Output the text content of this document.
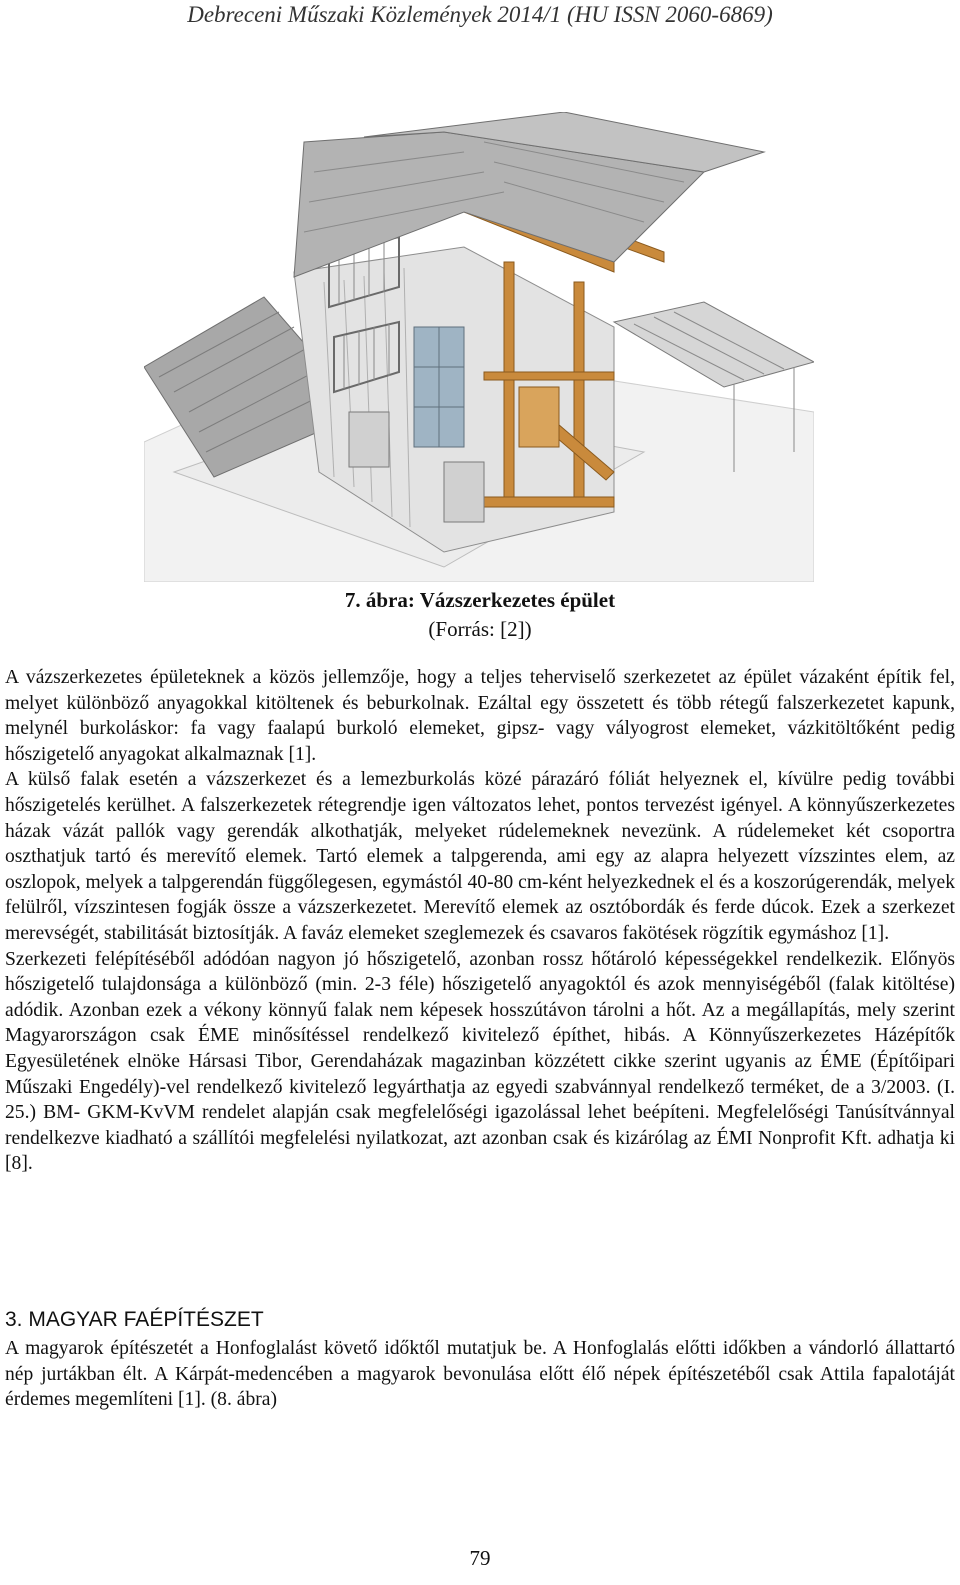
Debreceni Műszaki Közlemények 2014/1 (HU ISSN 2060-6869)
7. ábra: Vázszerkezetes épület
(Forrás: [2])

A vázszerkezetes épületeknek a közös jellemzője, hogy a teljes teherviselő szerkezetet az épület vázaként építik fel, melyet különböző anyagokkal kitöltenek és beburkolnak. Ezáltal egy összetett és több rétegű falszerkezetet kapunk, melynél burkoláskor: fa vagy faalapú burkoló elemeket, gipsz- vagy vályogrost elemeket, vázkitöltőként pedig hőszigetelő anyagokat alkalmaznak [1].

A külső falak esetén a vázszerkezet és a lemezburkolás közé párazáró fóliát helyeznek el, kívülre pedig további hőszigetelés kerülhet. A falszerkezetek rétegrendje igen változatos lehet, pontos tervezést igényel. A könnyűszerkezetes házak vázát pallók vagy gerendák alkothatják, melyeket rúdelemeknek nevezünk. A rúdelemeket két csoportra oszthatjuk tartó és merevítő elemek. Tartó elemek a talpgerenda, ami egy az alapra helyezett vízszintes elem, az oszlopok, melyek a talpgerendán függőlegesen, egymástól 40-80 cm-ként helyezkednek el és a koszorúgerendák, melyek felülről, vízszintesen fogják össze a vázszerkezetet. Merevítő elemek az osztóbordák és ferde dúcok. Ezek a szerkezet merevségét, stabilitását biztosítják. A faváz elemeket szeglemezek és csavaros fakötések rögzítik egymáshoz [1].

Szerkezeti felépítéséből adódóan nagyon jó hőszigetelő, azonban rossz hőtároló képességekkel rendelkezik. Előnyös hőszigetelő tulajdonsága a különböző (min. 2-3 féle) hőszigetelő anyagoktól és azok mennyiségéből (falak kitöltése) adódik. Azonban ezek a vékony könnyű falak nem képesek hosszútávon tárolni a hőt. Az a megállapítás, mely szerint Magyarországon csak ÉME minősítéssel rendelkező kivitelező építhet, hibás. A Könnyűszerkezetes Házépítők Egyesületének elnöke Hársasi Tibor, Gerendaházak magazinban közzétett cikke szerint ugyanis az ÉME (Építőipari Műszaki Engedély)-vel rendelkező kivitelező legyárthatja az egyedi szabvánnyal rendelkező terméket, de a 3/2003. (I. 25.) BM- GKM-KvVM rendelet alapján csak megfelelőségi igazolással lehet beépíteni. Megfelelőségi Tanúsítvánnyal rendelkezve kiadható a szállítói megfelelési nyilatkozat, azt azonban csak és kizárólag az ÉMI Nonprofit Kft. adhatja ki [8].

3. MAGYAR FAÉPÍTÉSZET

A magyarok építészetét a Honfoglalást követő időktől mutatjuk be. A Honfoglalás előtti időkben a vándorló állattartó nép jurtákban élt. A Kárpát-medencében a magyarok bevonulása előtt élő népek építészetéből csak Attila fapalotáját érdemes megemlíteni [1]. (8. ábra)

79
